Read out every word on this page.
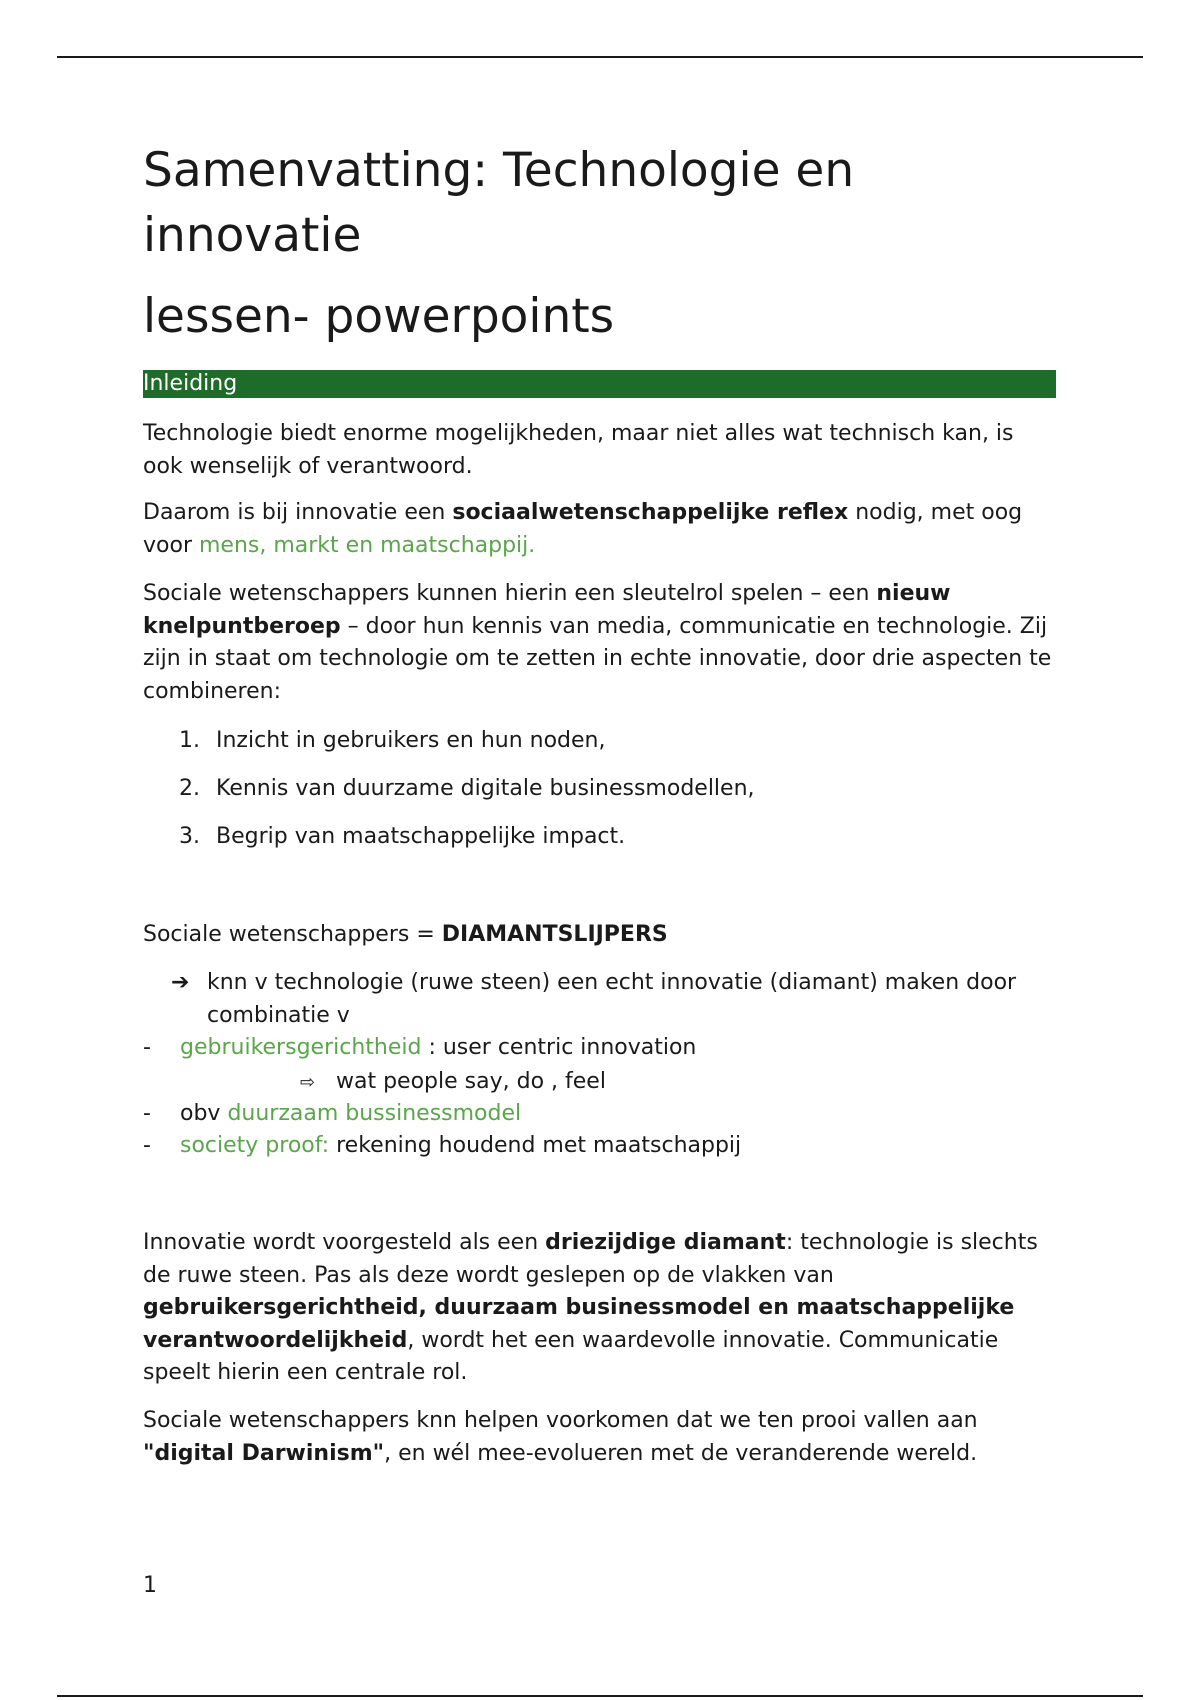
Samenvatting: Technologie en innovatie
lessen- powerpoints
Inleiding

Technologie biedt enorme mogelijkheden, maar niet alles wat technisch kan, is ook wenselijk of verantwoord.

Daarom is bij innovatie een sociaalwetenschappelijke reflex nodig, met oog voor mens, markt en maatschappij.

Sociale wetenschappers kunnen hierin een sleutelrol spelen – een nieuw knelpuntberoep – door hun kennis van media, communicatie en technologie. Zij zijn in staat om technologie om te zetten in echte innovatie, door drie aspecten te combineren:

1. Inzicht in gebruikers en hun noden,
2. Kennis van duurzame digitale businessmodellen,
3. Begrip van maatschappelijke impact.

Sociale wetenschappers = DIAMANTSLIJPERS

➔ knn v technologie (ruwe steen) een echt innovatie (diamant) maken door combinatie v
- gebruikersgerichtheid : user centric innovation
⇨ wat people say, do , feel
- obv duurzaam bussinessmodel
- society proof: rekening houdend met maatschappij

Innovatie wordt voorgesteld als een driezijdige diamant: technologie is slechts de ruwe steen. Pas als deze wordt geslepen op de vlakken van gebruikersgerichtheid, duurzaam businessmodel en maatschappelijke verantwoordelijkheid, wordt het een waardevolle innovatie. Communicatie speelt hierin een centrale rol.

Sociale wetenschappers knn helpen voorkomen dat we ten prooi vallen aan "digital Darwinism", en wél mee-evolueren met de veranderende wereld.

1
